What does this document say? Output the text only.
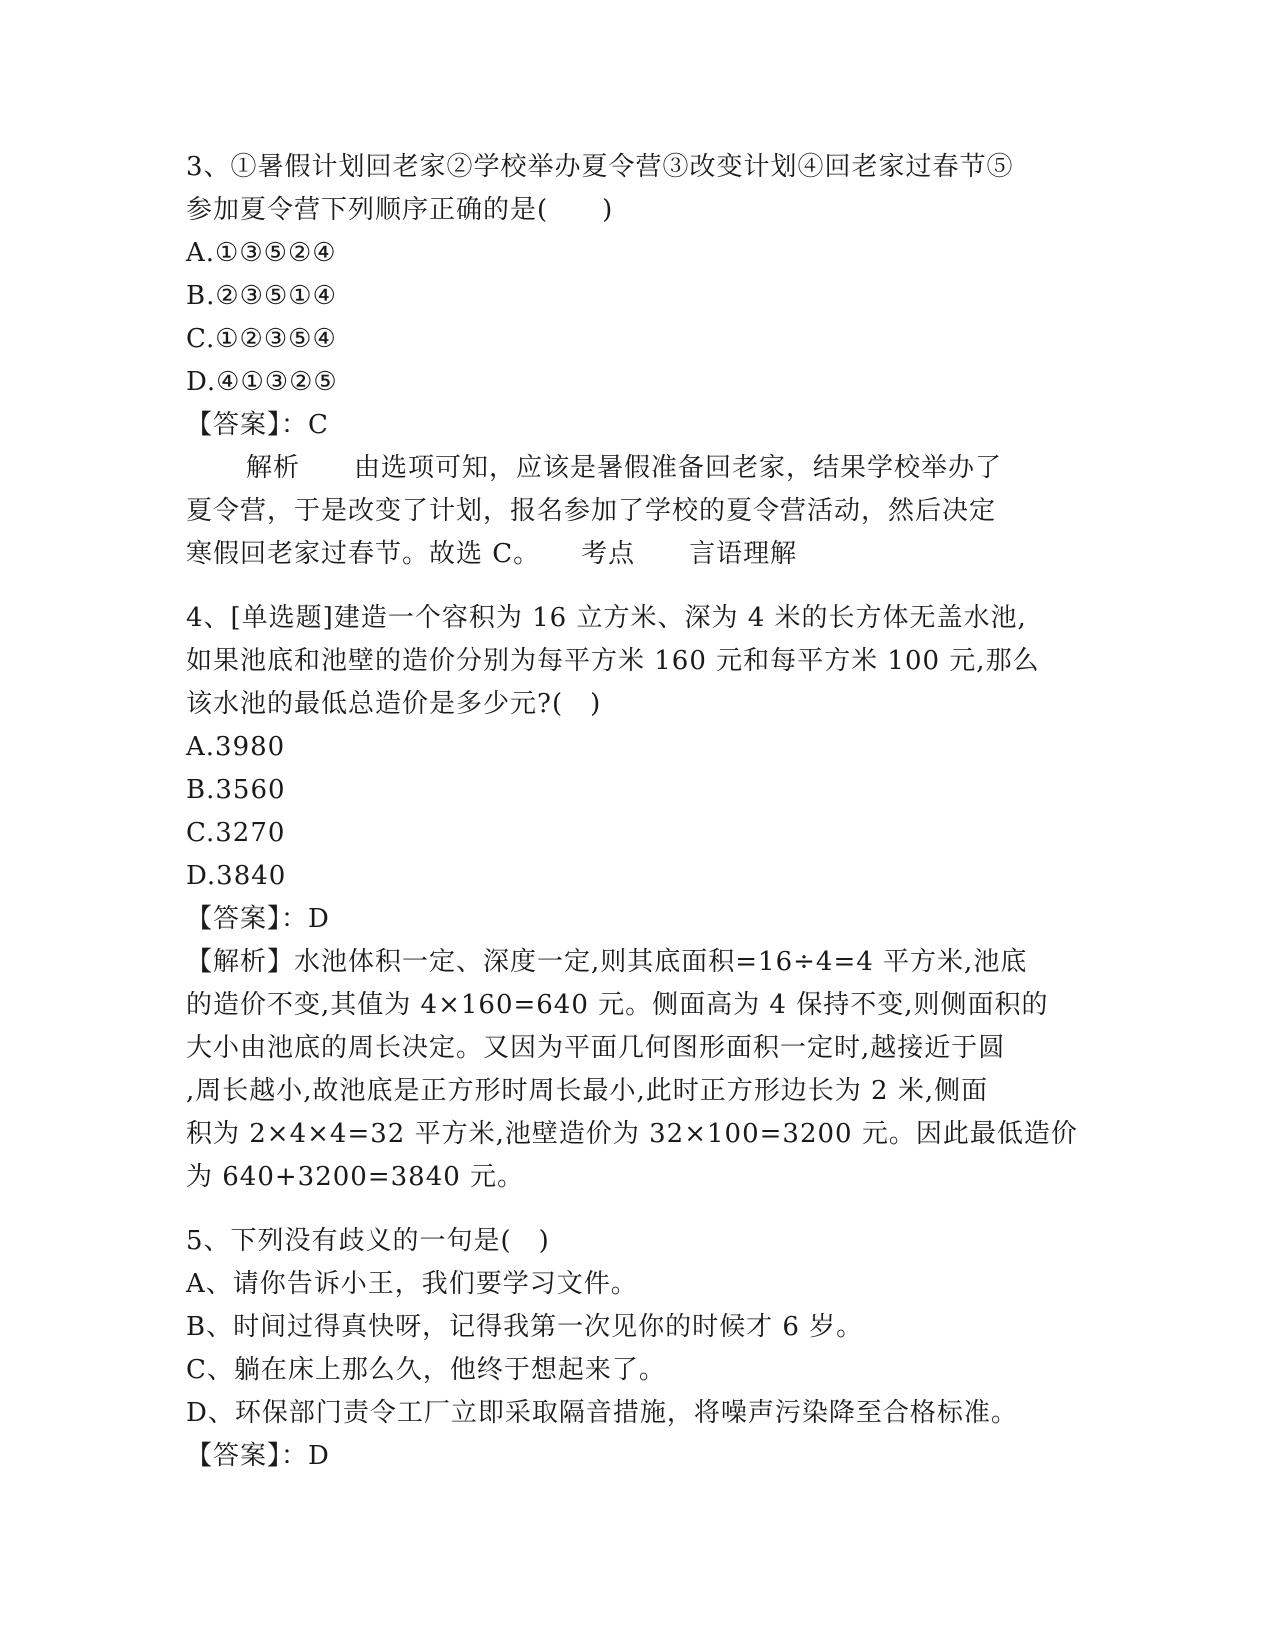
3、①暑假计划回老家②学校举办夏令营③改变计划④回老家过春节⑤
参加夏令营下列顺序正确的是(　　)
A.①③⑤②④
B.②③⑤①④
C.①②③⑤④
D.④①③②⑤
【答案】：C
解析　　由选项可知，应该是暑假准备回老家，结果学校举办了
夏令营，于是改变了计划，报名参加了学校的夏令营活动，然后决定
寒假回老家过春节。故选 C。　　考点　　言语理解
4、[单选题]建造一个容积为 16 立方米、深为 4 米的长方体无盖水池,
如果池底和池壁的造价分别为每平方米 160 元和每平方米 100 元,那么
该水池的最低总造价是多少元?(　)
A.3980
B.3560
C.3270
D.3840
【答案】：D
【解析】水池体积一定、深度一定,则其底面积=16÷4=4 平方米,池底
的造价不变,其值为 4×160=640 元。侧面高为 4 保持不变,则侧面积的
大小由池底的周长决定。又因为平面几何图形面积一定时,越接近于圆
,周长越小,故池底是正方形时周长最小,此时正方形边长为 2 米,侧面
积为 2×4×4=32 平方米,池壁造价为 32×100=3200 元。因此最低造价
为 640+3200=3840 元。
5、下列没有歧义的一句是(　)
A、请你告诉小王，我们要学习文件。
B、时间过得真快呀，记得我第一次见你的时候才 6 岁。
C、躺在床上那么久，他终于想起来了。
D、环保部门责令工厂立即采取隔音措施，将噪声污染降至合格标准。
【答案】：D
